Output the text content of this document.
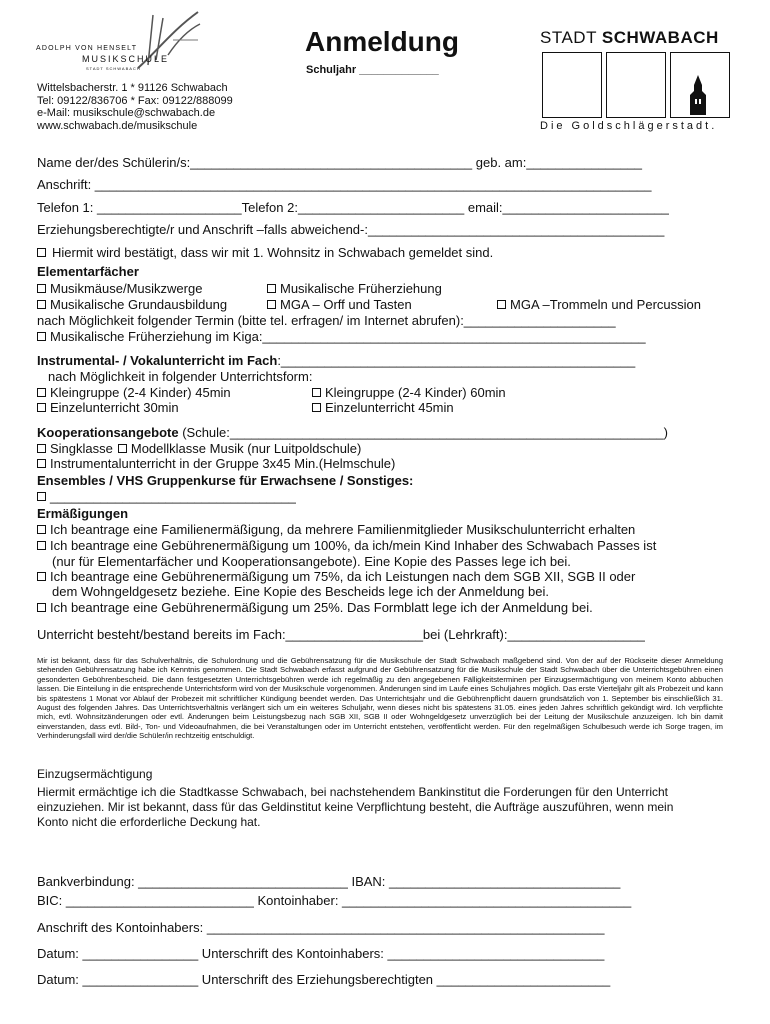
ADOLPH VON HENSELT
MUSIKSCHULE
STADT SCHWABACH
Anmeldung
Schuljahr _____________
Wittelsbacherstr. 1 * 91126 Schwabach
Tel: 09122/836706 * Fax: 09122/888099
e-Mail: musikschule@schwabach.de
www.schwabach.de/musikschule
STADT SCHWABACH
Die Goldschlägerstadt.
Name der/des Schülerin/s:_______________________________________ geb. am:________________
Anschrift: _____________________________________________________________________________
Telefon 1: ____________________Telefon 2:_______________________ email:_______________________
Erziehungsberechtigte/r und Anschrift –falls abweichend-:_________________________________________
Hiermit wird bestätigt, dass wir mit 1. Wohnsitz in Schwabach gemeldet sind.
Elementarfächer
Musikmäuse/Musikzwerge	Musikalische Früherziehung
Musikalische Grundausbildung	MGA – Orff und Tasten	MGA –Trommeln und Percussion
nach Möglichkeit folgender Termin (bitte tel. erfragen/ im Internet abrufen):_____________________
Musikalische Früherziehung im Kiga:_____________________________________________________
Instrumental- / Vokalunterricht im Fach:_________________________________________________
nach Möglichkeit in folgender Unterrichtsform:
Kleingruppe (2-4 Kinder) 45min	Kleingruppe (2-4 Kinder) 60min
Einzelunterricht 30min	Einzelunterricht 45min
Kooperationsangebote (Schule:____________________________________________________________)
Singklasse Modellklasse Musik (nur Luitpoldschule)
Instrumentalunterricht in der Gruppe 3x45 Min.(Helmschule)
Ensembles / VHS Gruppenkurse für Erwachsene / Sonstiges:
__________________________________
Ermäßigungen
Ich beantrage eine Familienermäßigung, da mehrere Familienmitglieder Musikschulunterricht erhalten
Ich beantrage eine Gebührenermäßigung um 100%, da ich/mein Kind Inhaber des Schwabach Passes ist
(nur für Elementarfächer und Kooperationsangebote). Eine Kopie des Passes lege ich bei.
Ich beantrage eine Gebührenermäßigung um 75%, da ich Leistungen nach dem SGB XII, SGB II oder
dem Wohngeldgesetz beziehe. Eine Kopie des Bescheids lege ich der Anmeldung bei.
Ich beantrage eine Gebührenermäßigung um 25%. Das Formblatt lege ich der Anmeldung bei.
Unterricht besteht/bestand bereits im Fach:___________________bei (Lehrkraft):___________________
Mir ist bekannt, dass für das Schulverhältnis, die Schulordnung und die Gebührensatzung für die Musikschule der Stadt Schwabach maßgebend sind. Von der auf der Rückseite dieser Anmeldung stehenden Gebührensatzung habe ich Kenntnis genommen. Die Stadt Schwabach erfasst aufgrund der Gebührensatzung für die Musikschule der Stadt Schwabach über die Unterrichtsgebühren einen gesonderten Gebührenbescheid. Die dann festgesetzten Unterrichtsgebühren werde ich regelmäßig zu den angegebenen Fälligkeitsterminen per Einzugsermächtigung von meinem Konto abbuchen lassen. Die Einteilung in die entsprechende Unterrichtsform wird von der Musikschule vorgenommen. Änderungen sind im Laufe eines Schuljahres möglich. Das erste Vierteljahr gilt als Probezeit und kann bis spätestens 1 Monat vor Ablauf der Probezeit mit schriftlicher Kündigung beendet werden. Das Unterrichtsjahr und die Gebührenpflicht dauern grundsätzlich von 1. September bis einschließlich 31. August des folgenden Jahres. Das Unterrichtsverhältnis verlängert sich um ein weiteres Schuljahr, wenn dieses nicht bis spätestens 31.05. eines jeden Jahres schriftlich gekündigt wird. Ich verpflichte mich, evtl. Wohnsitzänderungen oder evtl. Änderungen beim Leistungsbezug nach SGB XII, SGB II oder Wohngeldgesetz unverzüglich bei der Leitung der Musikschule anzuzeigen. Ich bin damit einverstanden, dass evtl. Bild-, Ton- und Videoaufnahmen, die bei Veranstaltungen oder im Unterricht entstehen, veröffentlicht werden. Für den regelmäßigen Schulbesuch werde ich Sorge tragen, im Verhinderungsfall wird der/die Schüler/in rechtzeitig entschuldigt.
Einzugsermächtigung
Hiermit ermächtige ich die Stadtkasse Schwabach, bei nachstehendem Bankinstitut die Forderungen für den Unterricht
einzuziehen. Mir ist bekannt, dass für das Geldinstitut keine Verpflichtung besteht, die Aufträge auszuführen, wenn mein
Konto nicht die erforderliche Deckung hat.
Bankverbindung: _____________________________ IBAN: ________________________________
BIC: __________________________ Kontoinhaber: ________________________________________
Anschrift des Kontoinhabers: _______________________________________________________
Datum: ________________ Unterschrift des Kontoinhabers: ______________________________
Datum: ________________ Unterschrift des Erziehungsberechtigten ________________________
